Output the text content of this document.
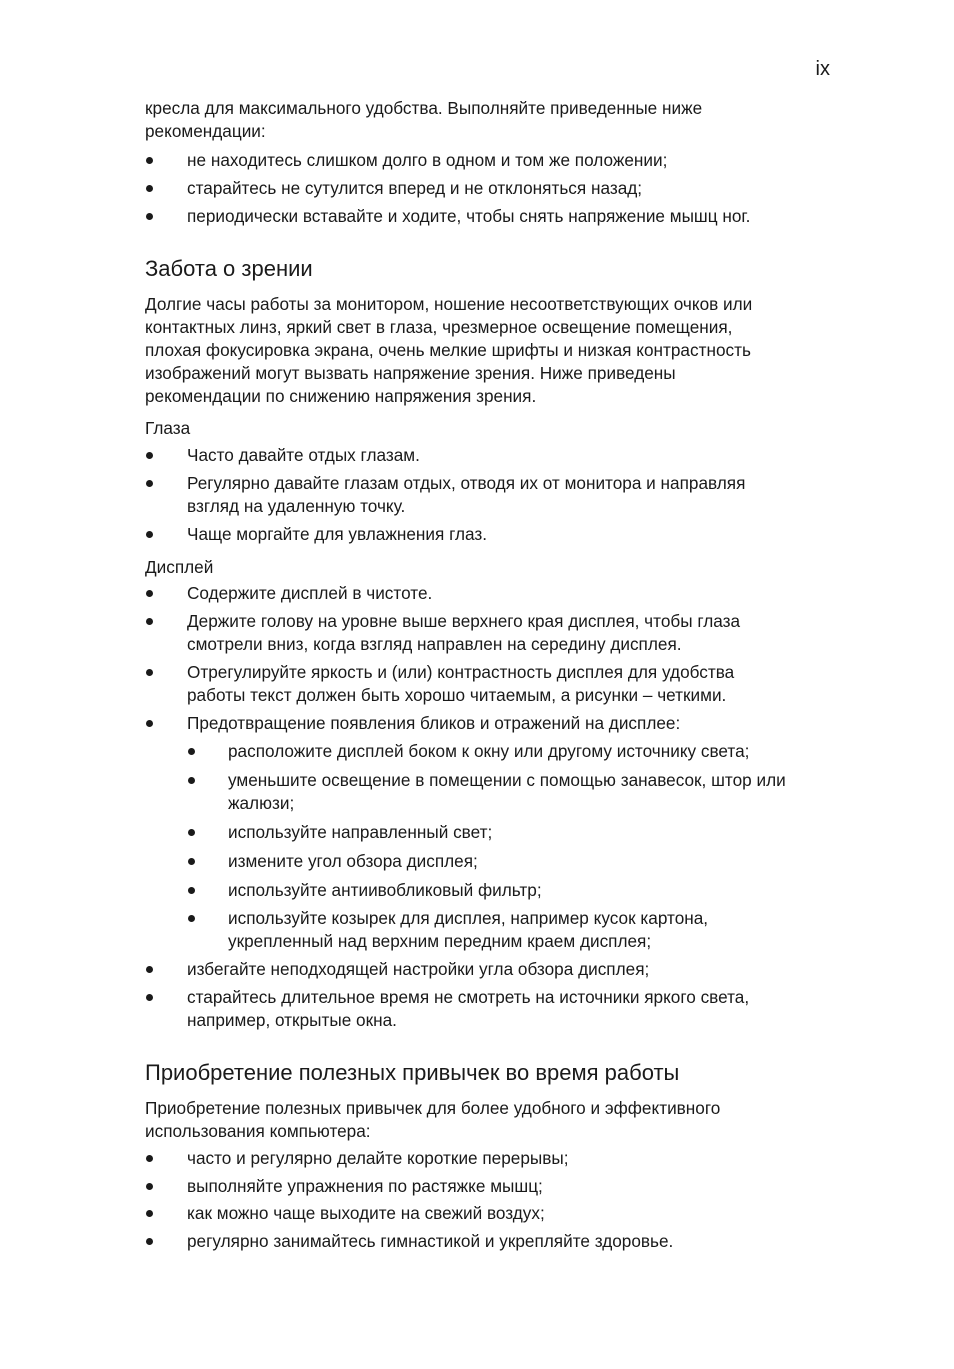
ix
кресла для максимального удобства. Выполняйте приведенные ниже
рекомендации:
не находитесь слишком долго в одном и том же положении;
старайтесь не сутулится вперед и не отклоняться назад;
периодически вставайте и ходите, чтобы снять напряжение мышц ног.
Забота о зрении
Долгие часы работы за монитором, ношение несоответствующих очков или
контактных линз, яркий свет в глаза, чрезмерное освещение помещения,
плохая фокусировка экрана, очень мелкие шрифты и низкая контрастность
изображений могут вызвать напряжение зрения. Ниже приведены
рекомендации по снижению напряжения зрения.
Глаза
Часто давайте отдых глазам.
Регулярно давайте глазам отдых, отводя их от монитора и направляя
взгляд на удаленную точку.
Чаще моргайте для увлажнения глаз.
Дисплей
Содержите дисплей в чистоте.
Держите голову на уровне выше верхнего края дисплея, чтобы глаза
смотрели вниз, когда взгляд направлен на середину дисплея.
Отрегулируйте яркость и (или) контрастность дисплея для удобства
работы текст должен быть хорошо читаемым, а рисунки – четкими.
Предотвращение появления бликов и отражений на дисплее:
расположите дисплей боком к окну или другому источнику света;
уменьшите освещение в помещении с помощью занавесок, штор или
жалюзи;
используйте направленный свет;
измените угол обзора дисплея;
используйте антиивобликовый фильтр;
используйте козырек для дисплея, например кусок картона,
укрепленный над верхним передним краем дисплея;
избегайте неподходящей настройки угла обзора дисплея;
старайтесь длительное время не смотреть на источники яркого света,
например, открытые окна.
Приобретение полезных привычек во время работы
Приобретение полезных привычек для более удобного и эффективного
использования компьютера:
часто и регулярно делайте короткие перерывы;
выполняйте упражнения по растяжке мышц;
как можно чаще выходите на свежий воздух;
регулярно занимайтесь гимнастикой и укрепляйте здоровье.
